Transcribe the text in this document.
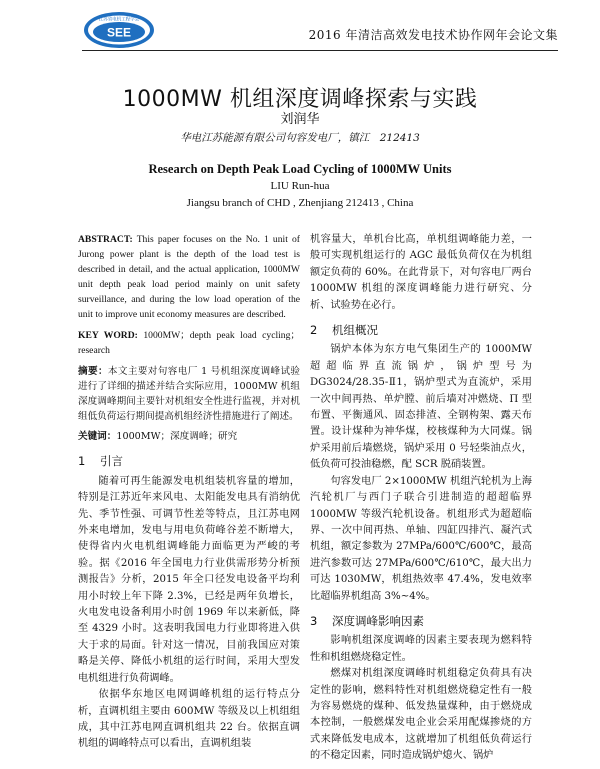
SEE
江苏省电机工程学会
2016 年清洁高效发电技术协作网年会论文集
1000MW 机组深度调峰探索与实践
刘润华
华电江苏能源有限公司句容发电厂，镇江　212413
Research on Depth Peak Load Cycling of 1000MW Units
LIU Run-hua
Jiangsu branch of CHD , Zhenjiang 212413 , China
ABSTRACT: This paper focuses on the No. 1 unit of Jurong power plant is the depth of the load test is described in detail, and the actual application, 1000MW unit depth peak load period mainly on unit safety surveillance, and during the low load operation of the unit to improve unit economy measures are described.
KEY WORD: 1000MW；depth peak load cycling；research
摘要：本文主要对句容电厂 1 号机组深度调峰试验进行了详细的描述并结合实际应用，1000MW 机组深度调峰期间主要针对机组安全性进行监视，并对机组低负荷运行期间提高机组经济性措施进行了阐述。
关键词：1000MW；深度调峰；研究
1 引言

随着可再生能源发电机组装机容量的增加，特别是江苏近年来风电、太阳能发电具有消纳优先、季节性强、可调节性差等特点，且江苏电网外来电增加，发电与用电负荷峰谷差不断增大，使得省内火电机组调峰能力面临更为严峻的考验。据《2016 年全国电力行业供需形势分析预测报告》分析，2015 年全口径发电设备平均利用小时较上年下降 2.3%，已经是两年负增长，火电发电设备利用小时创 1969 年以来新低，降至 4329 小时。这表明我国电力行业即将进入供大于求的局面。针对这一情况，目前我国应对策略是关停、降低小机组的运行时间，采用大型发电机组进行负荷调峰。

依据华东地区电网调峰机组的运行特点分析，直调机组主要由 600MW 等级及以上机组组成，其中江苏电网直调机组共 22 台。依据直调机组的调峰特点可以看出，直调机组装

机容量大，单机台比高，单机组调峰能力差，一般可实现机组运行的 AGC 最低负荷仅在为机组额定负荷的 60%。在此背景下，对句容电厂两台 1000MW 机组的深度调峰能力进行研究、分析、试验势在必行。

2 机组概况

锅炉本体为东方电气集团生产的 1000MW 超超临界直流锅炉，锅炉型号为 DG3024/28.35-Ⅱ1，锅炉型式为直流炉，采用一次中间再热、单炉膛、前后墙对冲燃烧、Π 型布置、平衡通风、固态排渣、全钢构架、露天布置。设计煤种为神华煤，校核煤种为大同煤。锅炉采用前后墙燃烧，锅炉采用 0 号轻柴油点火，低负荷可投油稳燃，配 SCR 脱硝装置。

句容发电厂 2×1000MW 机组汽轮机为上海汽轮机厂与西门子联合引进制造的超超临界 1000MW 等级汽轮机设备。机组形式为超超临界、一次中间再热、单轴、四缸四排汽、凝汽式机组，额定参数为 27MPa/600℃/600℃，最高进汽参数可达 27MPa/600℃/610℃，最大出力可达 1030MW，机组热效率 47.4%，发电效率比超临界机组高 3%~4%。

3 深度调峰影响因素

影响机组深度调峰的因素主要表现为燃料特性和机组燃烧稳定性。

燃煤对机组深度调峰时机组稳定负荷具有决定性的影响，燃料特性对机组燃烧稳定性有一般为容易燃烧的煤种、低发热量煤种，由于燃烧成本控制，一般燃煤发电企业会采用配煤掺烧的方式来降低发电成本，这就增加了机组低负荷运行的不稳定因素，同时造成锅炉熄火、锅炉
